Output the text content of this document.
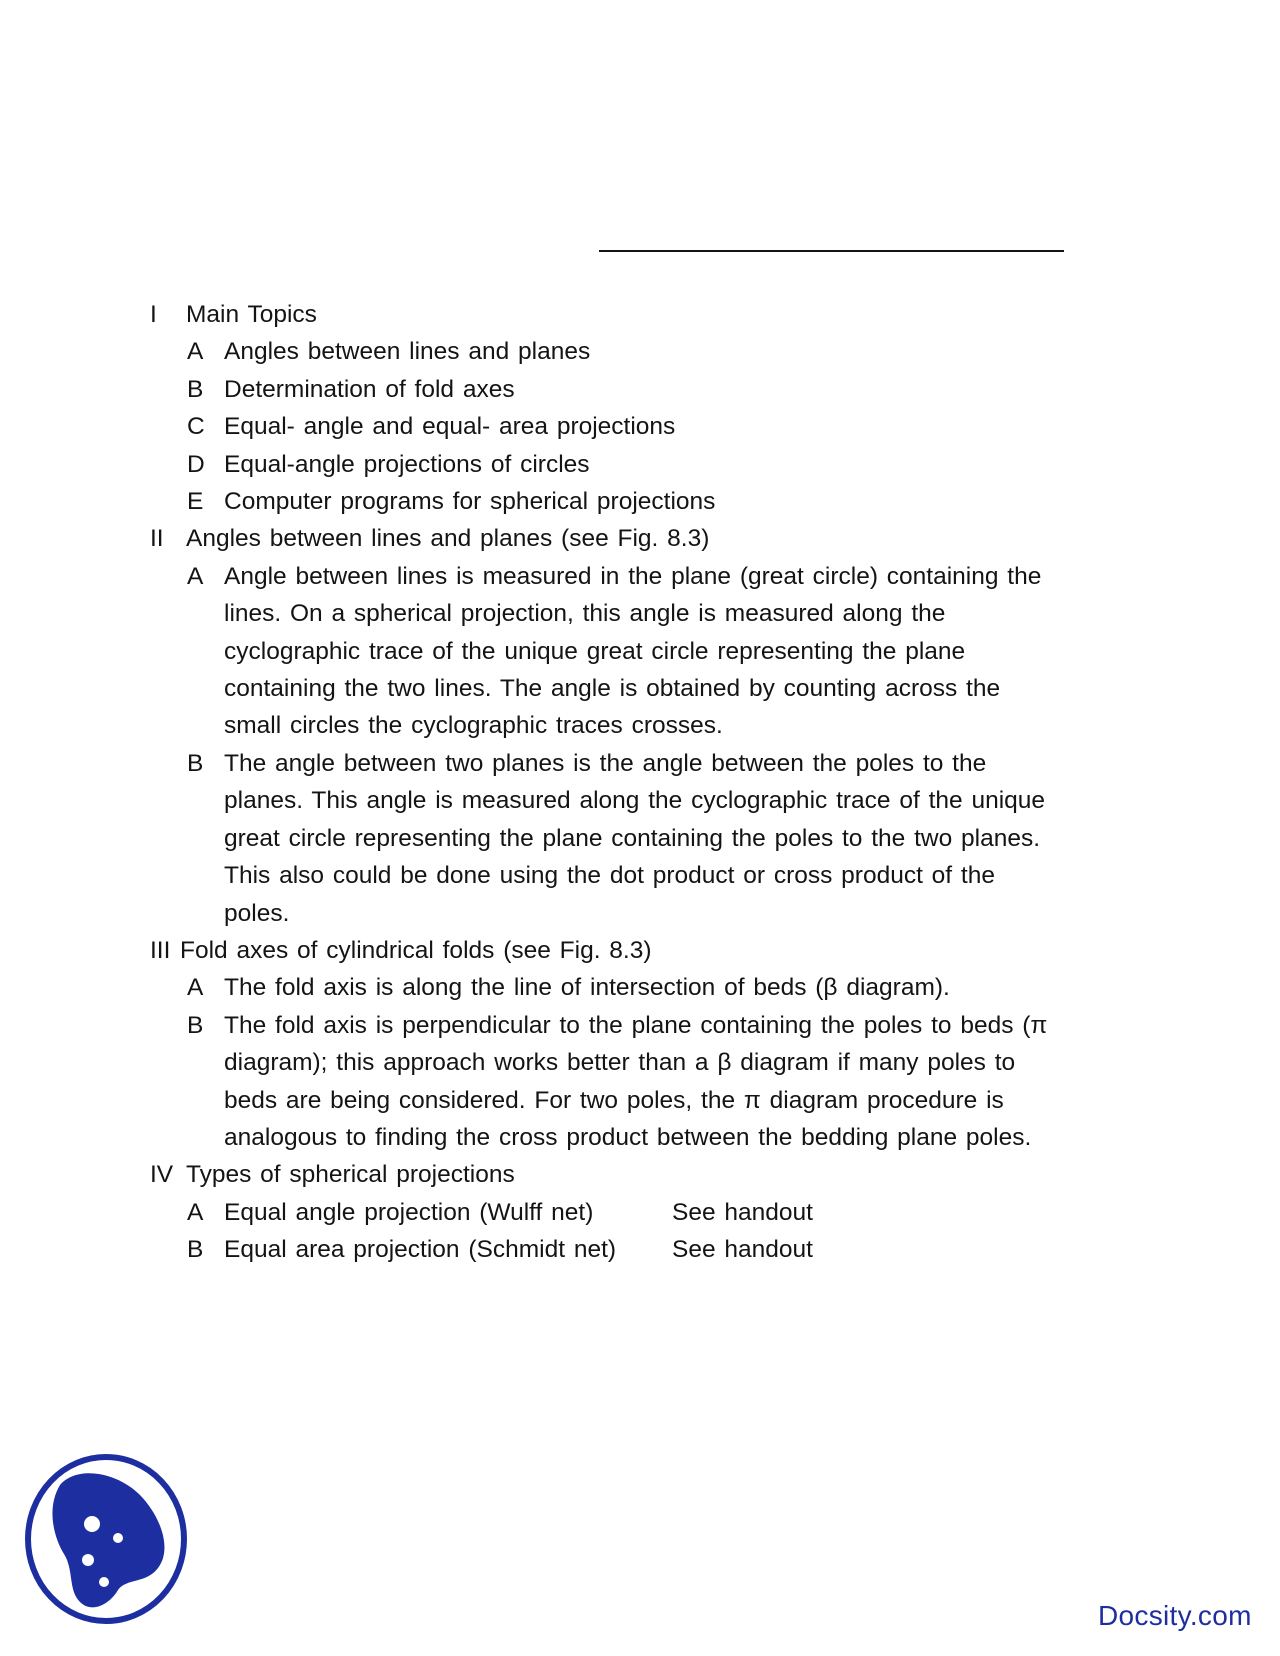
I Main Topics
A Angles between lines and planes
B Determination of fold axes
C Equal- angle and equal- area projections
D Equal-angle projections of circles
E Computer programs for spherical projections
II Angles between lines and planes (see Fig. 8.3)
A Angle between lines is measured in the plane (great circle) containing the
lines. On a spherical projection, this angle is measured along the
cyclographic trace of the unique great circle representing the plane
containing the two lines. The angle is obtained by counting across the
small circles the cyclographic traces crosses.
B The angle between two planes is the angle between the poles to the
planes. This angle is measured along the cyclographic trace of the unique
great circle representing the plane containing the poles to the two planes.
This also could be done using the dot product or cross product of the
poles.
III Fold axes of cylindrical folds (see Fig. 8.3)
A The fold axis is along the line of intersection of beds (β diagram).
B The fold axis is perpendicular to the plane containing the poles to beds (π
diagram); this approach works better than a β diagram if many poles to
beds are being considered. For two poles, the π diagram procedure is
analogous to finding the cross product between the bedding plane poles.
IV Types of spherical projections
A Equal angle projection (Wulff net)	See handout
B Equal area projection (Schmidt net) See handout
Docsity.com
